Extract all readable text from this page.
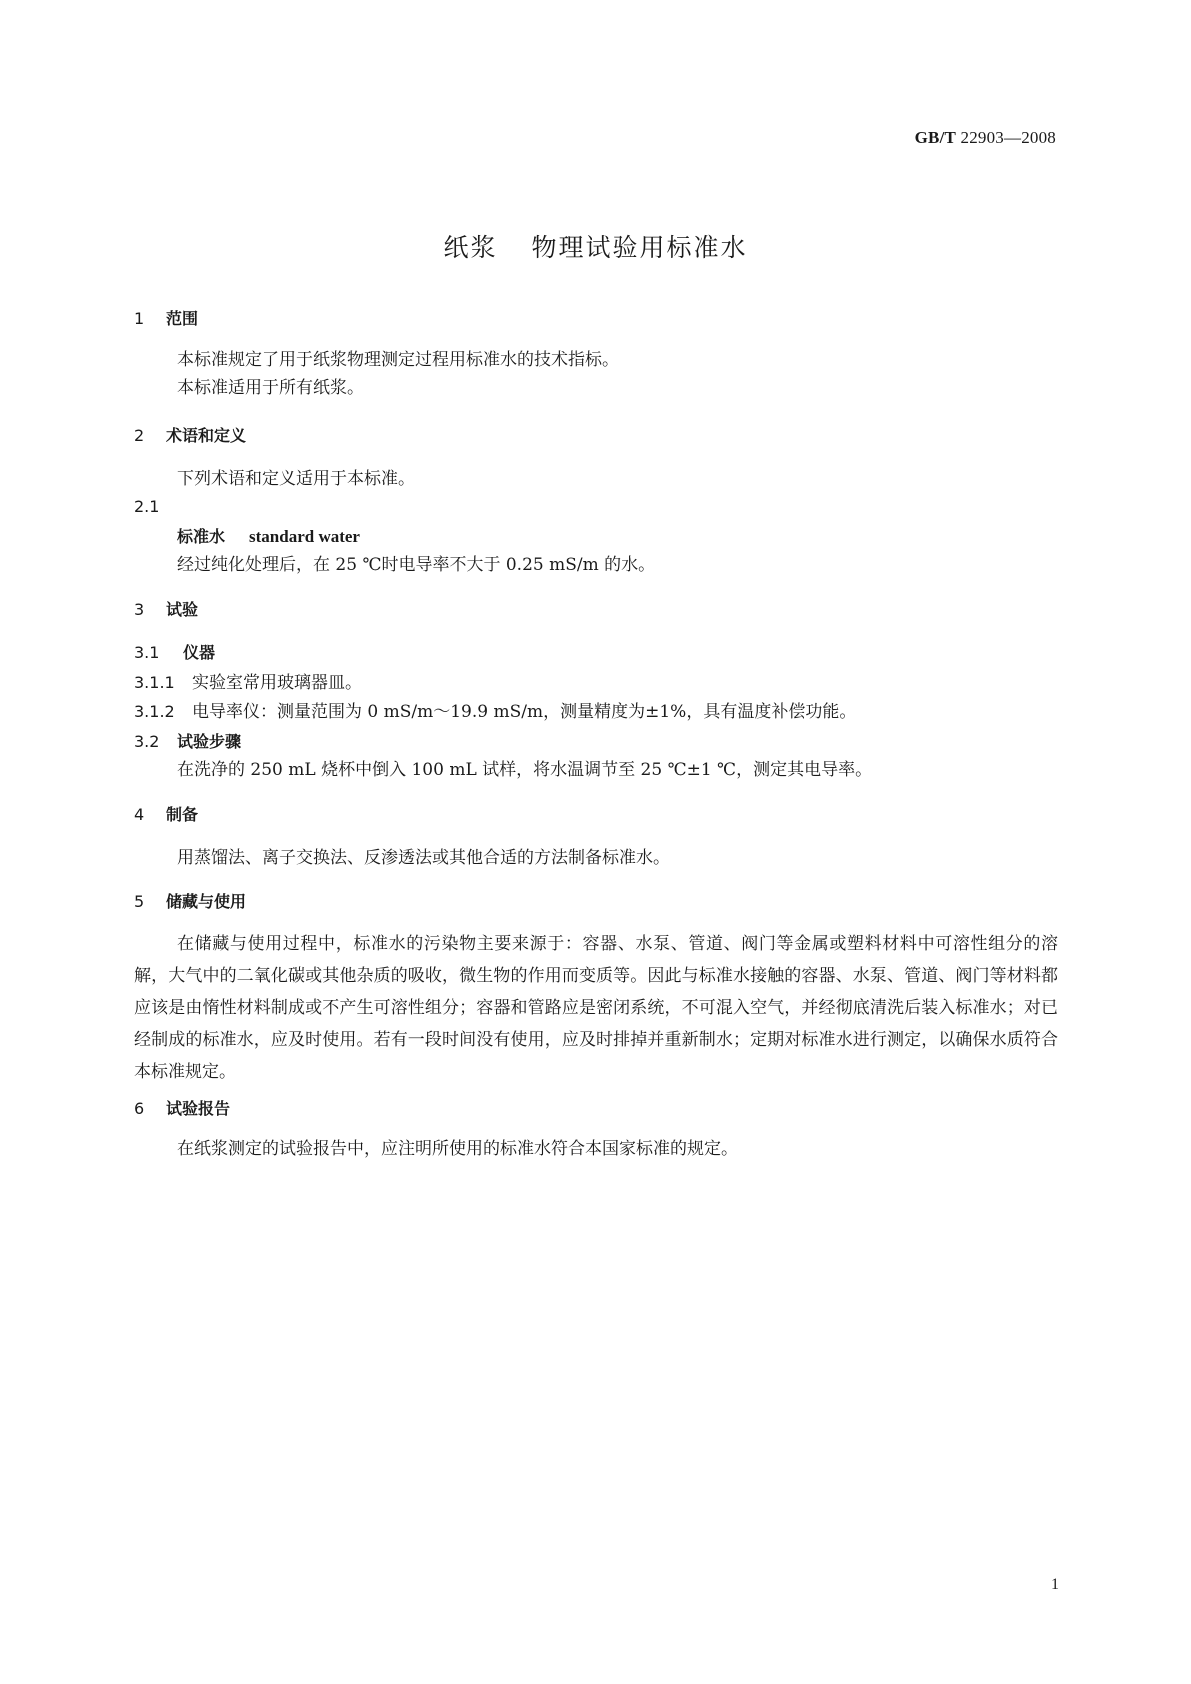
GB/T 22903—2008
纸浆 物理试验用标准水
1 范围
本标准规定了用于纸浆物理测定过程用标准水的技术指标。
本标准适用于所有纸浆。
2 术语和定义
下列术语和定义适用于本标准。
2.1
标准水 standard water
经过纯化处理后，在 25 ℃时电导率不大于 0.25 mS/m 的水。
3 试验
3.1 仪器
3.1.1 实验室常用玻璃器皿。
3.1.2 电导率仪：测量范围为 0 mS/m～19.9 mS/m，测量精度为±1%，具有温度补偿功能。
3.2 试验步骤
在洗净的 250 mL 烧杯中倒入 100 mL 试样，将水温调节至 25 ℃±1 ℃，测定其电导率。
4 制备
用蒸馏法、离子交换法、反渗透法或其他合适的方法制备标准水。
5 储藏与使用
在储藏与使用过程中，标准水的污染物主要来源于：容器、水泵、管道、阀门等金属或塑料材料中可溶性组分的溶解，大气中的二氧化碳或其他杂质的吸收，微生物的作用而变质等。因此与标准水接触的容器、水泵、管道、阀门等材料都应该是由惰性材料制成或不产生可溶性组分；容器和管路应是密闭系统，不可混入空气，并经彻底清洗后装入标准水；对已经制成的标准水，应及时使用。若有一段时间没有使用，应及时排掉并重新制水；定期对标准水进行测定，以确保水质符合本标准规定。
6 试验报告
在纸浆测定的试验报告中，应注明所使用的标准水符合本国家标准的规定。
1
